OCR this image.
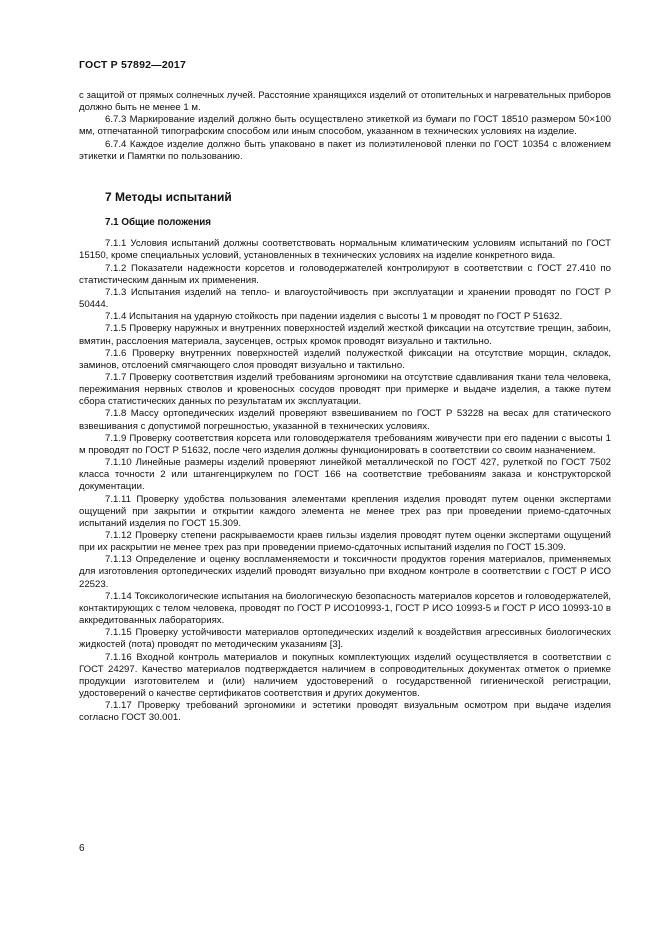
ГОСТ Р 57892—2017

с защитой от прямых солнечных лучей. Расстояние хранящихся изделий от отопительных и нагревательных приборов должно быть не менее 1 м.

6.7.3 Маркирование изделий должно быть осуществлено этикеткой из бумаги по ГОСТ 18510 размером 50×100 мм, отпечатанной типографским способом или иным способом, указанном в технических условиях на изделие.

6.7.4 Каждое изделие должно быть упаковано в пакет из полиэтиленовой пленки по ГОСТ 10354 с вложением этикетки и Памятки по пользованию.

7 Методы испытаний
7.1 Общие положения

7.1.1 Условия испытаний должны соответствовать нормальным климатическим условиям испытаний по ГОСТ 15150, кроме специальных условий, установленных в технических условиях на изделие конкретного вида.

7.1.2 Показатели надежности корсетов и головодержателей контролируют в соответствии с ГОСТ 27.410 по статистическим данным их применения.

7.1.3 Испытания изделий на тепло- и влагоустойчивость при эксплуатации и хранении проводят по ГОСТ Р 50444.

7.1.4 Испытания на ударную стойкость при падении изделия с высоты 1 м проводят по ГОСТ Р 51632.

7.1.5 Проверку наружных и внутренних поверхностей изделий жесткой фиксации на отсутствие трещин, забоин, вмятин, расслоения материала, заусенцев, острых кромок проводят визуально и тактильно.

7.1.6 Проверку внутренних поверхностей изделий полужесткой фиксации на отсутствие морщин, складок, заминов, отслоений смягчающего слоя проводят визуально и тактильно.

7.1.7 Проверку соответствия изделий требованиям эргономики на отсутствие сдавливания ткани тела человека, пережимания нервных стволов и кровеносных сосудов проводят при примерке и выдаче изделия, а также путем сбора статистических данных по результатам их эксплуатации.

7.1.8 Массу ортопедических изделий проверяют взвешиванием по ГОСТ Р 53228 на весах для статического взвешивания с допустимой погрешностью, указанной в технических условиях.

7.1.9 Проверку соответствия корсета или головодержателя требованиям живучести при его падении с высоты 1 м проводят по ГОСТ Р 51632, после чего изделия должны функционировать в соответствии со своим назначением.

7.1.10 Линейные размеры изделий проверяют линейкой металлической по ГОСТ 427, рулеткой по ГОСТ 7502 класса точности 2 или штангенциркулем по ГОСТ 166 на соответствие требованиям заказа и конструкторской документации.

7.1.11 Проверку удобства пользования элементами крепления изделия проводят путем оценки экспертами ощущений при закрытии и открытии каждого элемента не менее трех раз при проведении приемо-сдаточных испытаний изделия по ГОСТ 15.309.

7.1.12 Проверку степени раскрываемости краев гильзы изделия проводят путем оценки экспертами ощущений при их раскрытии не менее трех раз при проведении приемо-сдаточных испытаний изделия по ГОСТ 15.309.

7.1.13 Определение и оценку воспламеняемости и токсичности продуктов горения материалов, применяемых для изготовления ортопедических изделий проводят визуально при входном контроле в соответствии с ГОСТ Р ИСО 22523.

7.1.14 Токсикологические испытания на биологическую безопасность материалов корсетов и головодержателей, контактирующих с телом человека, проводят по ГОСТ Р ИСО10993-1, ГОСТ Р ИСО 10993-5 и ГОСТ Р ИСО 10993-10 в аккредитованных лабораториях.

7.1.15 Проверку устойчивости материалов ортопедических изделий к воздействия агрессивных биологических жидкостей (пота) проводят по методическим указаниям [3].

7.1.16 Входной контроль материалов и покупных комплектующих изделий осуществляется в соответствии с ГОСТ 24297. Качество материалов подтверждается наличием в сопроводительных документах отметок о приемке продукции изготовителем и (или) наличием удостоверений о государственной гигиенической регистрации, удостоверений о качестве сертификатов соответствия и других документов.

7.1.17 Проверку требований эргономики и эстетики проводят визуальным осмотром при выдаче изделия согласно ГОСТ 30.001.

6
